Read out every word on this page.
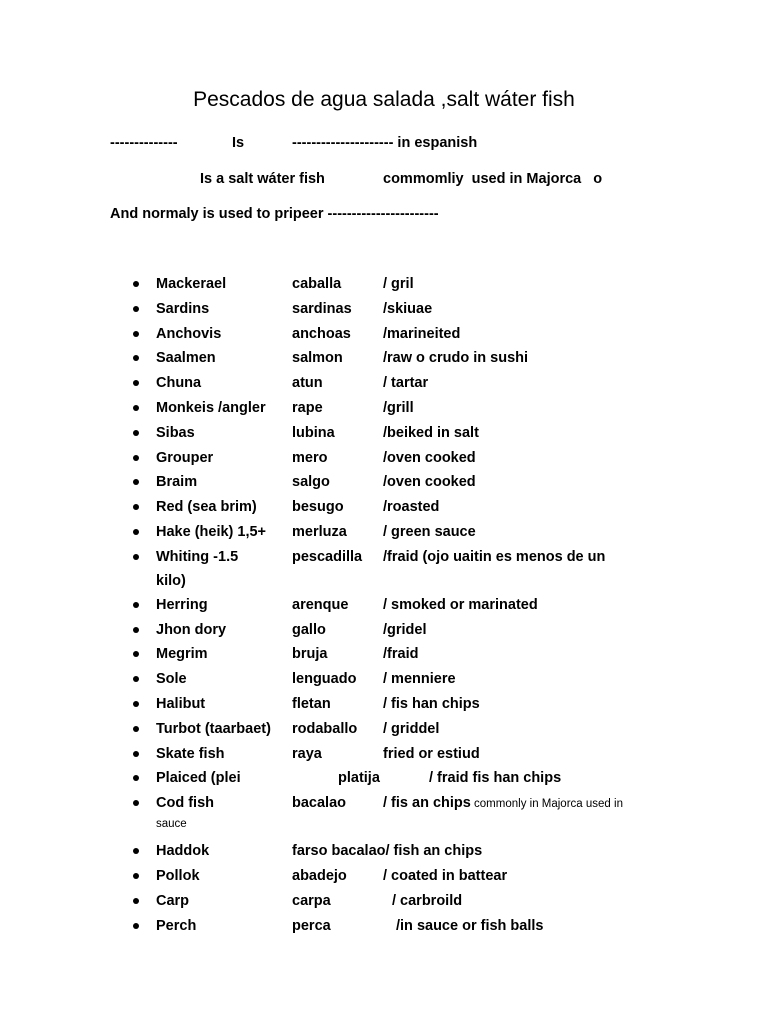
Pescados de agua salada ,salt wáter fish
--------------	Is	--------------------- in espanish
Is a salt wáter fish	commomliy  used in Majorca   o
And normaly is used to pripeer -----------------------
Mackerael	caballa	/ gril
Sardins	sardinas /skiuae
Anchovis	anchoas /marineited
Saalmen	salmon	/raw o crudo in sushi
Chuna	atun	/ tartar
Monkeis /angler rape	/grill
Sibas	lubina	/beiked in salt
Grouper	mero	/oven cooked
Braim	salgo	/oven cooked
Red (sea brim) besugo	/roasted
Hake (heik) 1,5+ merluza / green sauce
Whiting -1.5	pescadilla /fraid (ojo uaitin es menos de un
kilo)
Herring	arenque / smoked or marinated
Jhon dory	gallo	/gridel
Megrim	bruja	/fraid
Sole	lenguado / menniere
Halibut	fletan	/ fis han chips
Turbot (taarbaet) rodaballo / griddel
Skate fish	raya	fried or estiud
Plaiced (plei	platija	/ fraid fis han chips
Cod fish	bacalao	/ fis an chips commonly in Majorca used in
sauce
Haddok	farso bacalao/ fish an chips
Pollok	abadejo / coated in battear
Carp	carpa	/ carbroild
Perch	perca	/in sauce or fish balls
